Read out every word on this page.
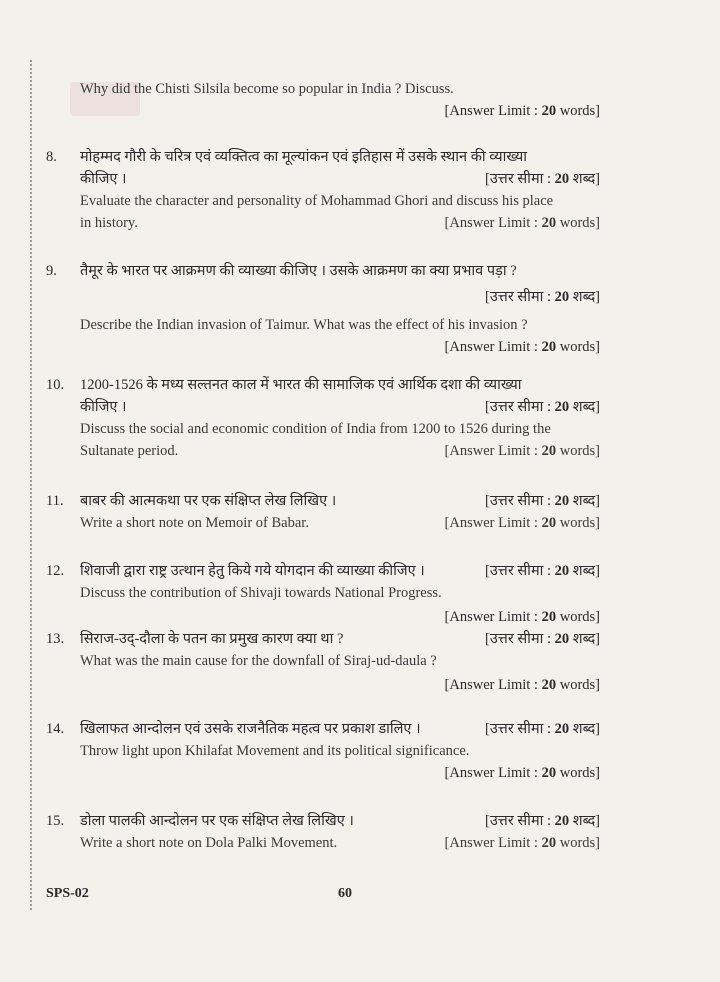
Why did the Chisti Silsila become so popular in India ? Discuss.
[Answer Limit : 20 words]
8. मोहम्मद गौरी के चरित्र एवं व्यक्तित्व का मूल्यांकन एवं इतिहास में उसके स्थान की व्याख्या
कीजिए ।	[उत्तर सीमा : 20 शब्द]
Evaluate the character and personality of Mohammad Ghori and discuss his place
in history.	[Answer Limit : 20 words]
9. तैमूर के भारत पर आक्रमण की व्याख्या कीजिए । उसके आक्रमण का क्या प्रभाव पड़ा ?
[उत्तर सीमा : 20 शब्द]
Describe the Indian invasion of Taimur. What was the effect of his invasion ?
[Answer Limit : 20 words]
10. 1200-1526 के मध्य सल्तनत काल में भारत की सामाजिक एवं आर्थिक दशा की व्याख्या
कीजिए ।	[उत्तर सीमा : 20 शब्द]
Discuss the social and economic condition of India from 1200 to 1526 during the
Sultanate period.	[Answer Limit : 20 words]
11. बाबर की आत्मकथा पर एक संक्षिप्त लेख लिखिए ।	[उत्तर सीमा : 20 शब्द]
Write a short note on Memoir of Babar.	[Answer Limit : 20 words]
12. शिवाजी द्वारा राष्ट्र उत्थान हेतु किये गये योगदान की व्याख्या कीजिए ।	[उत्तर सीमा : 20 शब्द]
Discuss the contribution of Shivaji towards National Progress.
[Answer Limit : 20 words]
13. सिराज-उद्-दौला के पतन का प्रमुख कारण क्या था ?	[उत्तर सीमा : 20 शब्द]
What was the main cause for the downfall of Siraj-ud-daula ?
[Answer Limit : 20 words]
14. खिलाफत आन्दोलन एवं उसके राजनैतिक महत्व पर प्रकाश डालिए ।	[उत्तर सीमा : 20 शब्द]
Throw light upon Khilafat Movement and its political significance.
[Answer Limit : 20 words]
15. डोला पालकी आन्दोलन पर एक संक्षिप्त लेख लिखिए ।	[उत्तर सीमा : 20 शब्द]
Write a short note on Dola Palki Movement.	[Answer Limit : 20 words]
SPS-02	60
